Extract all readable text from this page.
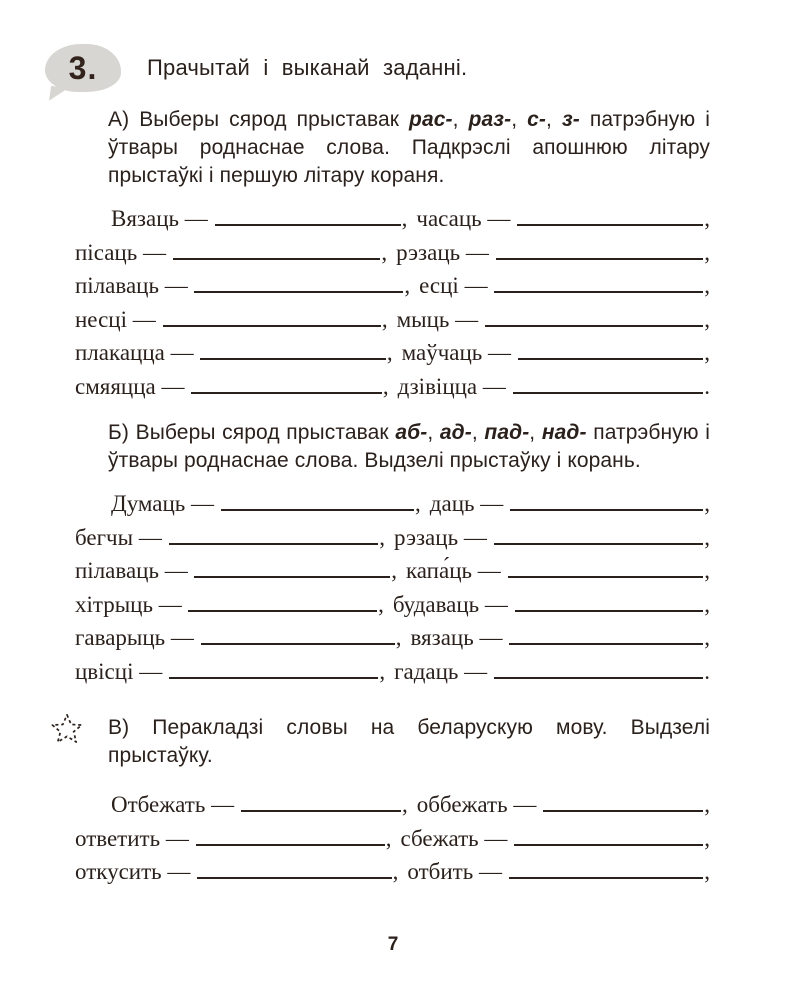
3. Прачытай і выканай заданні.

А) Выберы сярод прыставак рас-, раз-, с-, з- патрэбную і ўтвары роднаснае слова. Падкрэслі апошнюю літару прыстаўкі і першую літару кораня.

Вязаць —	, часаць —	,
пісаць —	, рэзаць —	,
пілаваць —	, есці —	,
несці —	, мыць —	,
плакацца —	, маўчаць —	,
смяяцца —	, дзівіцца —	.

Б) Выберы сярод прыставак аб-, ад-, пад-, над- патрэбную і ўтвары роднаснае слова. Выдзелі прыстаўку і корань.

Думаць —	, даць —	,
бегчы —	, рэзаць —	,
пілаваць —	, капа́ць —	,
хітрыць —	, будаваць —	,
гаварыць —	, вязаць —	,
цвісці —	, гадаць —	.

В) Перакладзі словы на беларускую мову. Выдзелі прыстаўку.

Отбежать —	, оббежать —	,
ответить —	, сбежать —	,
откусить —	, отбить —	,
7
